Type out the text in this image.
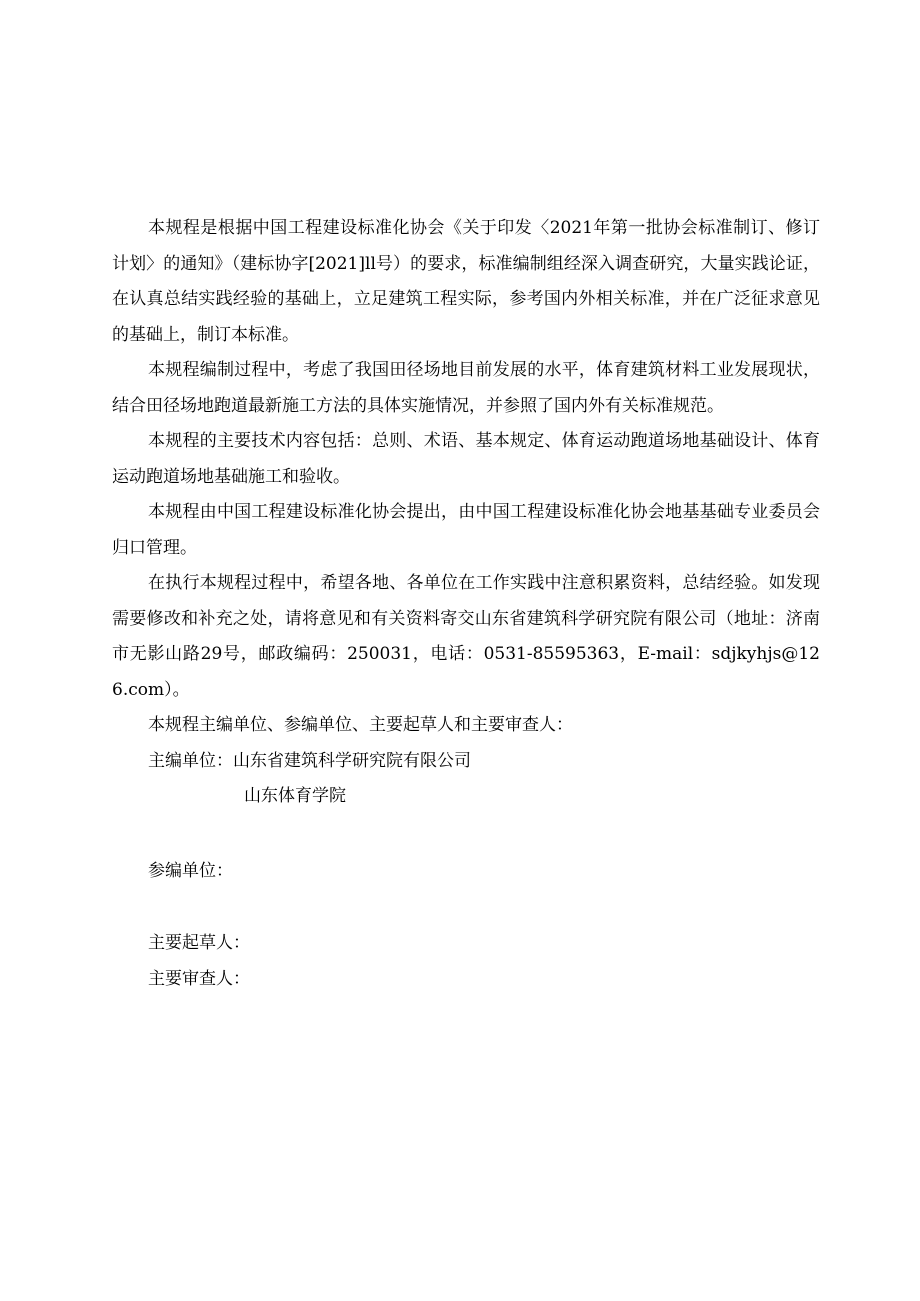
本规程是根据中国工程建设标准化协会《关于印发〈2021年第一批协会标准制订、修订计划〉的通知》（建标协字[2021]ll号）的要求，标准编制组经深入调查研究，大量实践论证，在认真总结实践经验的基础上，立足建筑工程实际，参考国内外相关标准，并在广泛征求意见的基础上，制订本标准。

本规程编制过程中，考虑了我国田径场地目前发展的水平，体育建筑材料工业发展现状，结合田径场地跑道最新施工方法的具体实施情况，并参照了国内外有关标准规范。

本规程的主要技术内容包括：总则、术语、基本规定、体育运动跑道场地基础设计、体育运动跑道场地基础施工和验收。

本规程由中国工程建设标准化协会提出，由中国工程建设标准化协会地基基础专业委员会归口管理。

在执行本规程过程中，希望各地、各单位在工作实践中注意积累资料，总结经验。如发现需要修改和补充之处，请将意见和有关资料寄交山东省建筑科学研究院有限公司（地址：济南市无影山路29号，邮政编码：250031，电话：0531-85595363，E-mail：sdjkyhjs@126.com）。

本规程主编单位、参编单位、主要起草人和主要审查人：

主编单位：山东省建筑科学研究院有限公司

山东体育学院

参编单位：

主要起草人：

主要审查人：
